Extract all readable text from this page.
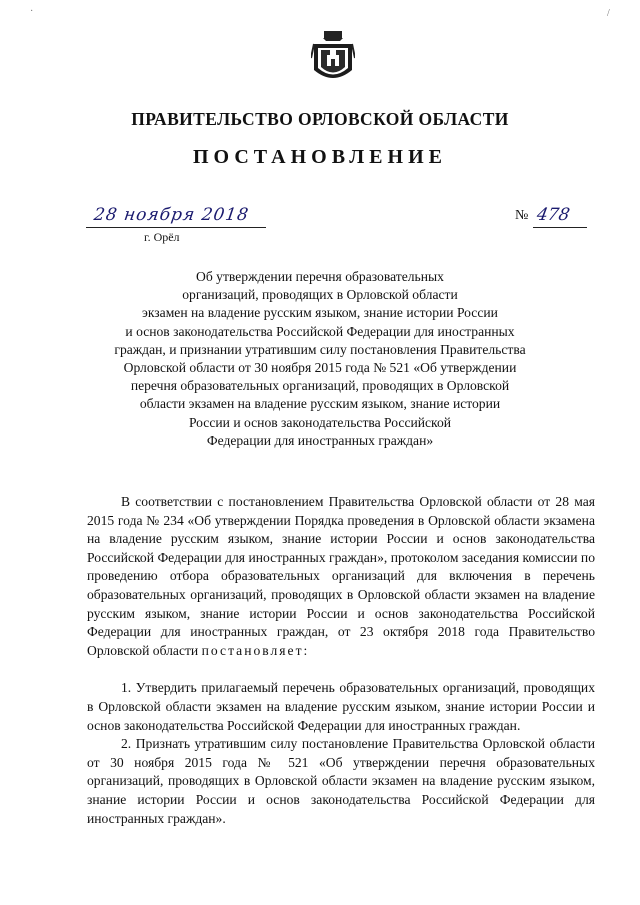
ПРАВИТЕЛЬСТВО ОРЛОВСКОЙ ОБЛАСТИ
ПОСТАНОВЛЕНИЕ
28 ноября 2018
г. Орёл
№ 478
Об утверждении перечня образовательных
организаций, проводящих в Орловской области
экзамен на владение русским языком, знание истории России
и основ законодательства Российской Федерации для иностранных
граждан, и признании утратившим силу постановления Правительства
Орловской области от 30 ноября 2015 года № 521 «Об утверждении
перечня образовательных организаций, проводящих в Орловской
области экзамен на владение русским языком, знание истории
России и основ законодательства Российской
Федерации для иностранных граждан»

В соответствии с постановлением Правительства Орловской области от 28 мая 2015 года № 234 «Об утверждении Порядка проведения в Орловской области экзамена на владение русским языком, знание истории России и основ законодательства Российской Федерации для иностранных граждан», протоколом заседания комиссии по проведению отбора образовательных организаций для включения в перечень образовательных организаций, проводящих в Орловской области экзамен на владение русским языком, знание истории России и основ законодательства Российской Федерации для иностранных граждан, от 23 октября 2018 года Правительство Орловской области постановляет:

1. Утвердить прилагаемый перечень образовательных организаций, проводящих в Орловской области экзамен на владение русским языком, знание истории России и основ законодательства Российской Федерации для иностранных граждан.

2. Признать утратившим силу постановление Правительства Орловской области от 30 ноября 2015 года № 521 «Об утверждении перечня образовательных организаций, проводящих в Орловской области экзамен на владение русским языком, знание истории России и основ законодательства Российской Федерации для иностранных граждан».

·	/
